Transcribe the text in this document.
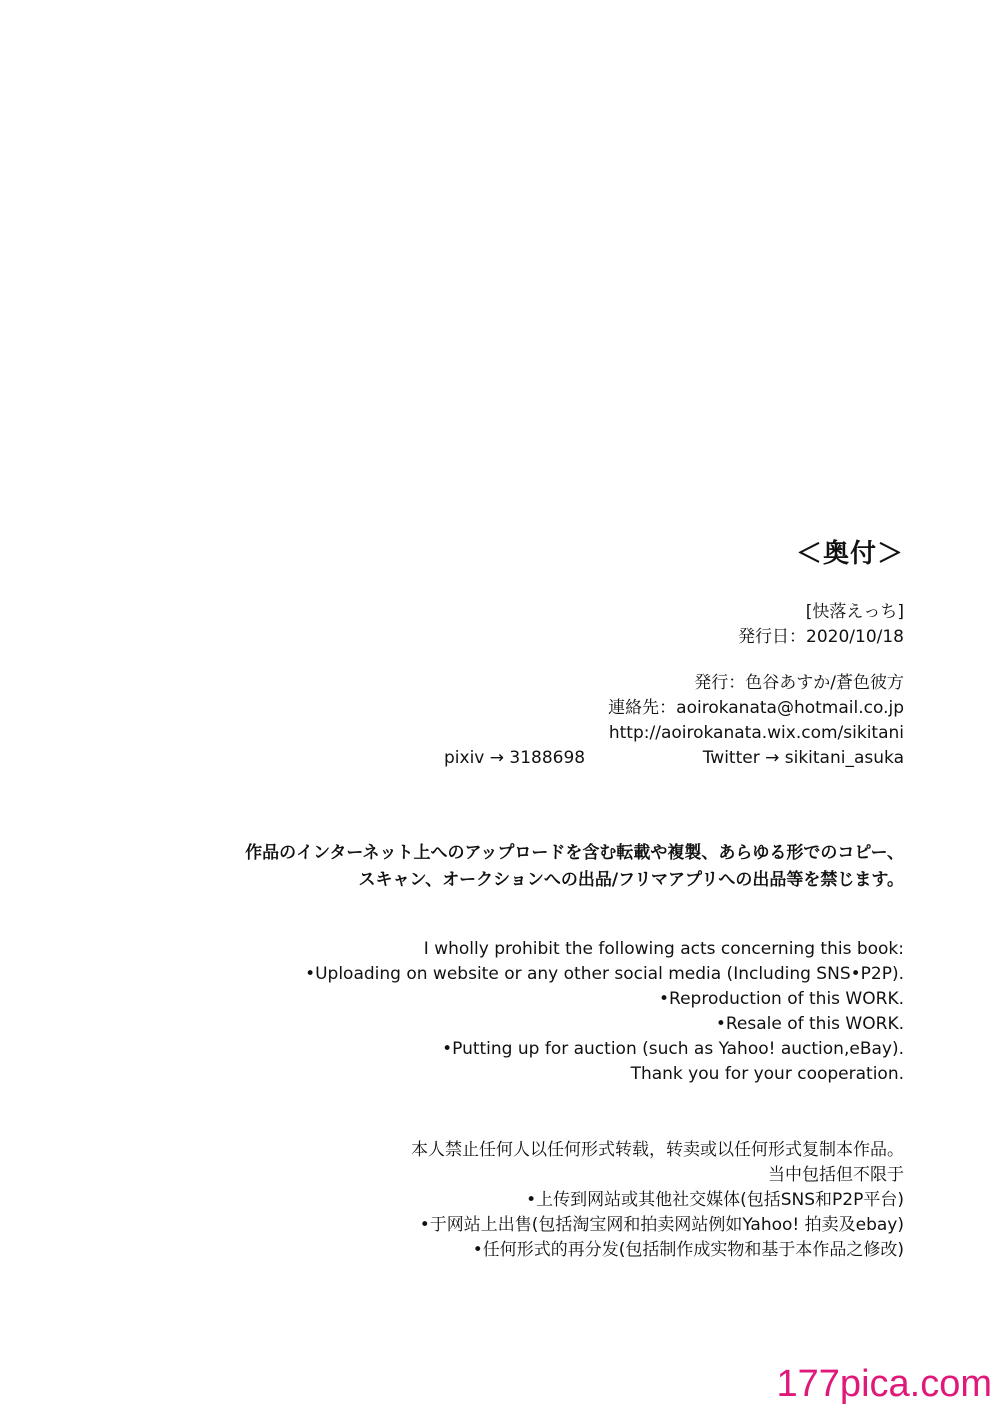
＜奥付＞
[快落えっち]
発行日：2020/10/18
発行：色谷あすか/蒼色彼方
連絡先：aoirokanata@hotmail.co.jp
http://aoirokanata.wix.com/sikitani
pixiv → 3188698	Twitter → sikitani_asuka
作品のインターネット上へのアップロードを含む転載や複製、あらゆる形でのコピー、
スキャン、オークションへの出品/フリマアプリへの出品等を禁じます。
I wholly prohibit the following acts concerning this book:
•Uploading on website or any other social media (Including SNS•P2P).
•Reproduction of this WORK.
•Resale of this WORK.
•Putting up for auction (such as Yahoo! auction,eBay).
Thank you for your cooperation.
本人禁止任何人以任何形式转载，转卖或以任何形式复制本作品。
当中包括但不限于
•上传到网站或其他社交媒体(包括SNS和P2P平台)
•于网站上出售(包括淘宝网和拍卖网站例如Yahoo! 拍卖及ebay)
•任何形式的再分发(包括制作成实物和基于本作品之修改)
177pica.com
